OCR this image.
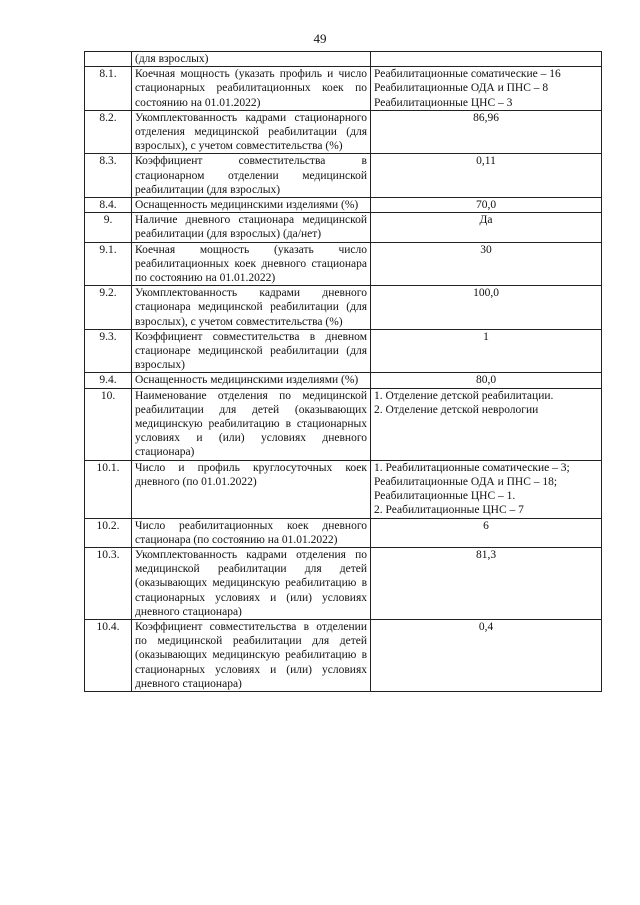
49
	(для взрослых)	
8.1.	Коечная мощность (указать профиль и число стационарных реабилитационных коек по состоянию на 01.01.2022)	Реабилитационные соматические – 16
Реабилитационные ОДА и ПНС – 8
Реабилитационные ЦНС – 3
8.2.	Укомплектованность кадрами стационарного отделения медицинской реабилитации (для взрослых), с учетом совместительства (%)	86,96
8.3.	Коэффициент совместительства в стационарном отделении медицинской реабилитации (для взрослых)	0,11
8.4.	Оснащенность медицинскими изделиями (%)	70,0
9.	Наличие дневного стационара медицинской реабилитации (для взрослых) (да/нет)	Да
9.1.	Коечная мощность (указать число реабилитационных коек дневного стационара по состоянию на 01.01.2022)	30
9.2.	Укомплектованность кадрами дневного стационара медицинской реабилитации (для взрослых), с учетом совместительства (%)	100,0
9.3.	Коэффициент совместительства в дневном стационаре медицинской реабилитации (для взрослых)	1
9.4.	Оснащенность медицинскими изделиями (%)	80,0
10.	Наименование отделения по медицинской реабилитации для детей (оказывающих медицинскую реабилитацию в стационарных условиях и (или) условиях дневного стационара)	1. Отделение детской реабилитации.
2. Отделение детской неврологии
10.1.	Число и профиль круглосуточных коек дневного (по 01.01.2022)	1. Реабилитационные соматические – 3;
Реабилитационные ОДА и ПНС – 18;
Реабилитационные ЦНС – 1.
2. Реабилитационные ЦНС – 7
10.2.	Число реабилитационных коек дневного стационара (по состоянию на 01.01.2022)	6
10.3.	Укомплектованность кадрами отделения по медицинской реабилитации для детей (оказывающих медицинскую реабилитацию в стационарных условиях и (или) условиях дневного стационара)	81,3
10.4.	Коэффициент совместительства в отделении по медицинской реабилитации для детей (оказывающих медицинскую реабилитацию в стационарных условиях и (или) условиях дневного стационара)	0,4
